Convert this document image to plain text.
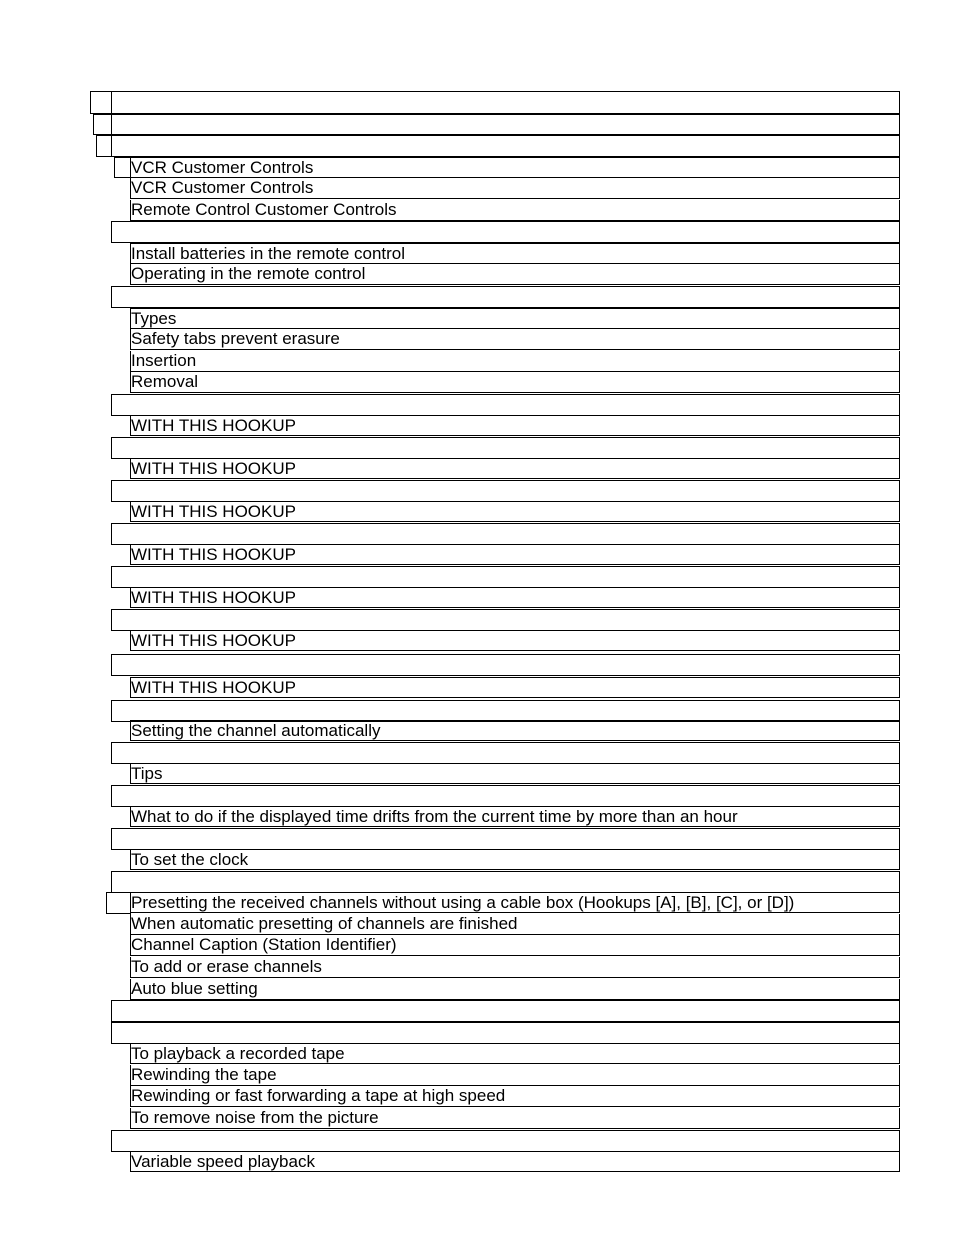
VCR Customer Controls
VCR Customer Controls
Remote Control Customer Controls
Install batteries in the remote control
Operating in the remote control
Types
Safety tabs prevent erasure
Insertion
Removal
WITH THIS HOOKUP
WITH THIS HOOKUP
WITH THIS HOOKUP
WITH THIS HOOKUP
WITH THIS HOOKUP
WITH THIS HOOKUP
WITH THIS HOOKUP
Setting the channel automatically
Tips
What to do if the displayed time drifts from the current time by more than an hour
To set the clock
Presetting the received channels without using a cable box (Hookups [A], [B], [C], or [D])
When automatic presetting of channels are finished
Channel Caption (Station Identifier)
To add or erase channels
Auto blue setting
To playback a recorded tape
Rewinding the tape
Rewinding or fast forwarding a tape at high speed
To remove noise from the picture
Variable speed playback
